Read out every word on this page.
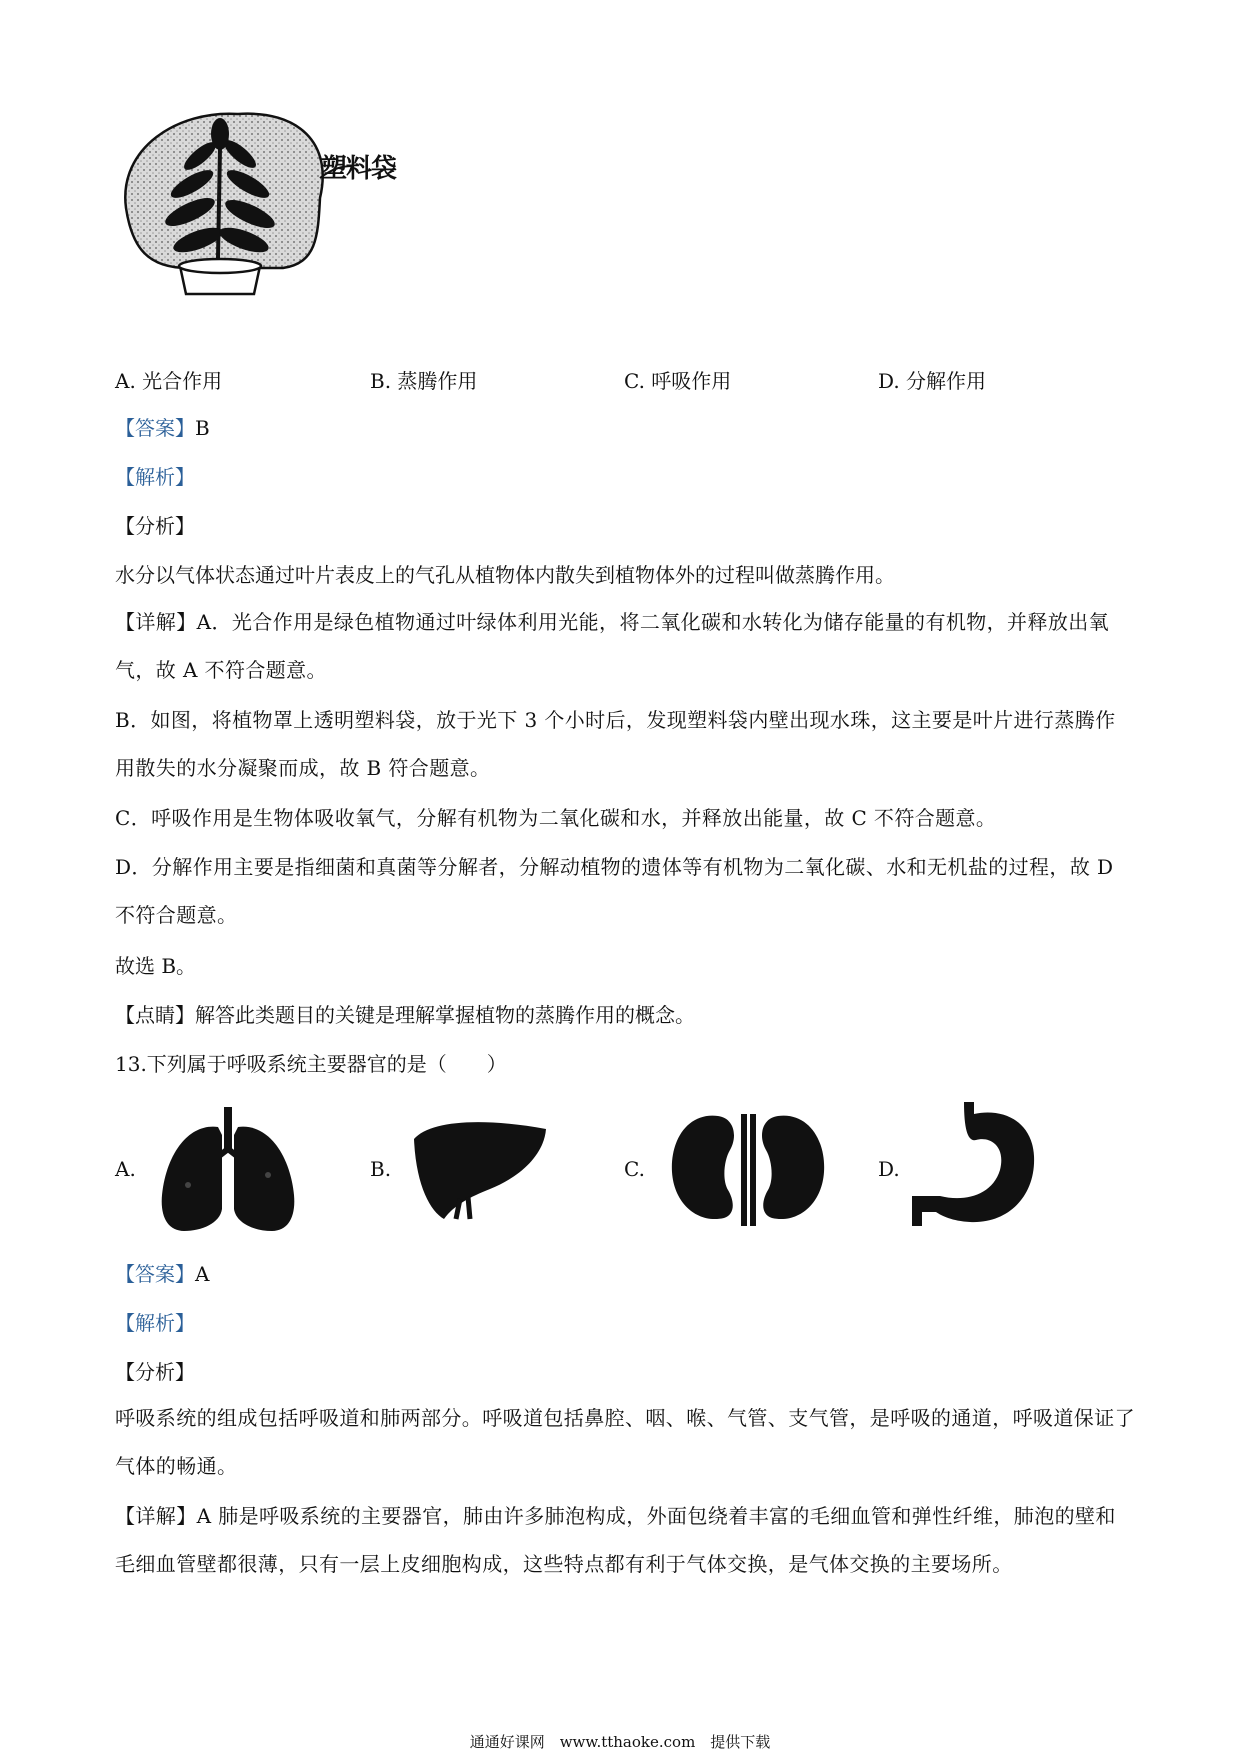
塑料袋
A. 光合作用	B. 蒸腾作用	C. 呼吸作用	D. 分解作用
【答案】B
【解析】
【分析】
水分以气体状态通过叶片表皮上的气孔从植物体内散失到植物体外的过程叫做蒸腾作用。
【详解】A．光合作用是绿色植物通过叶绿体利用光能，将二氧化碳和水转化为储存能量的有机物，并释放出氧气，故 A 不符合题意。
B．如图，将植物罩上透明塑料袋，放于光下 3 个小时后，发现塑料袋内壁出现水珠，这主要是叶片进行蒸腾作用散失的水分凝聚而成，故 B 符合题意。
C．呼吸作用是生物体吸收氧气，分解有机物为二氧化碳和水，并释放出能量，故 C 不符合题意。
D．分解作用主要是指细菌和真菌等分解者，分解动植物的遗体等有机物为二氧化碳、水和无机盐的过程，故 D 不符合题意。
故选 B。
【点睛】解答此类题目的关键是理解掌握植物的蒸腾作用的概念。
13.下列属于呼吸系统主要器官的是（　　）
A.	B.	C.	D.
【答案】A
【解析】
【分析】
呼吸系统的组成包括呼吸道和肺两部分。呼吸道包括鼻腔、咽、喉、气管、支气管，是呼吸的通道，呼吸道保证了气体的畅通。
【详解】A 肺是呼吸系统的主要器官，肺由许多肺泡构成，外面包绕着丰富的毛细血管和弹性纤维，肺泡的壁和毛细血管壁都很薄，只有一层上皮细胞构成，这些特点都有利于气体交换，是气体交换的主要场所。
通通好课网　www.tthaoke.com　提供下载
